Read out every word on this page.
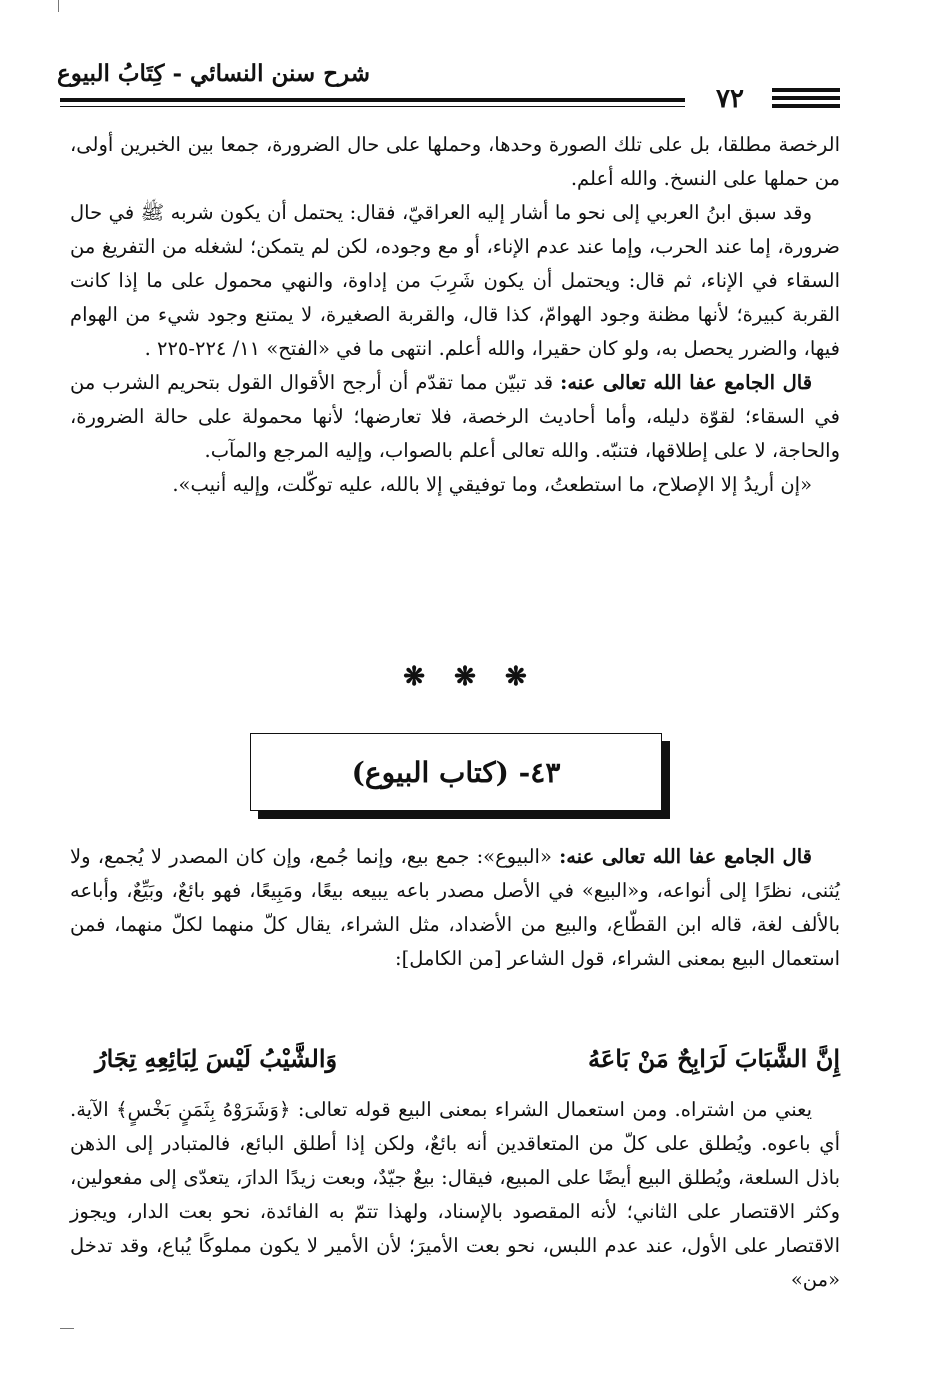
شرح سنن النسائي - كِتَابُ البيوع
٧٢

الرخصة مطلقا، بل على تلك الصورة وحدها، وحملها على حال الضرورة، جمعا بين الخبرين أولى، من حملها على النسخ. والله أعلم.

وقد سبق ابنُ العربي إلى نحو ما أشار إليه العراقيّ، فقال: يحتمل أن يكون شربه ﷺ في حال ضرورة، إما عند الحرب، وإما عند عدم الإناء، أو مع وجوده، لكن لم يتمكن؛ لشغله من التفريغ من السقاء في الإناء، ثم قال: ويحتمل أن يكون شَرِبَ من إداوة، والنهي محمول على ما إذا كانت القربة كبيرة؛ لأنها مظنة وجود الهوامّ، كذا قال، والقربة الصغيرة، لا يمتنع وجود شيء من الهوام فيها، والضرر يحصل به، ولو كان حقيرا، والله أعلم. انتهى ما في «الفتح» ١١/ ٢٢٤-٢٢٥ .

قال الجامع عفا الله تعالى عنه: قد تبيّن مما تقدّم أن أرجح الأقوال القول بتحريم الشرب من في السقاء؛ لقوّة دليله، وأما أحاديث الرخصة، فلا تعارضها؛ لأنها محمولة على حالة الضرورة، والحاجة، لا على إطلاقها، فتنبّه. والله تعالى أعلم بالصواب، وإليه المرجع والمآب.

«إن أريدُ إلا الإصلاح، ما استطعتُ، وما توفيقي إلا بالله، عليه توكّلت، وإليه أنيب».

❋ ❋ ❋
٤٣- (كتاب البيوع)

قال الجامع عفا الله تعالى عنه: «البيوع»: جمع بيع، وإنما جُمع، وإن كان المصدر لا يُجمع، ولا يُثنى، نظرًا إلى أنواعه، و«البيع» في الأصل مصدر باعه يبيعه بيعًا، ومَبِيعًا، فهو بائعٌ، وبَيِّعٌ، وأباعه بالألف لغة، قاله ابن القطّاع، والبيع من الأضداد، مثل الشراء، يقال كلّ منهما لكلّ منهما، فمن استعمال البيع بمعنى الشراء، قول الشاعر [من الكامل]:

إِنَّ الشَّبَابَ لَرَابِحٌ مَنْ بَاعَهُ
وَالشَّيْبُ لَيْسَ لِبَائِعِهِ تِجَارُ

يعني من اشتراه. ومن استعمال الشراء بمعنى البيع قوله تعالى: ﴿وَشَرَوْهُ بِثَمَنٍ بَخْسٍ﴾ الآية. أي باعوه. ويُطلق على كلّ من المتعاقدين أنه بائعٌ، ولكن إذا أطلق البائع، فالمتبادر إلى الذهن باذل السلعة، ويُطلق البيع أيضًا على المبيع، فيقال: بيعٌ جيّدٌ، وبعت زيدًا الدارَ، يتعدّى إلى مفعولين، وكثر الاقتصار على الثاني؛ لأنه المقصود بالإسناد، ولهذا تتمّ به الفائدة، نحو بعت الدار، ويجوز الاقتصار على الأول، عند عدم اللبس، نحو بعت الأميرَ؛ لأن الأمير لا يكون مملوكًا يُباع، وقد تدخل «من»
